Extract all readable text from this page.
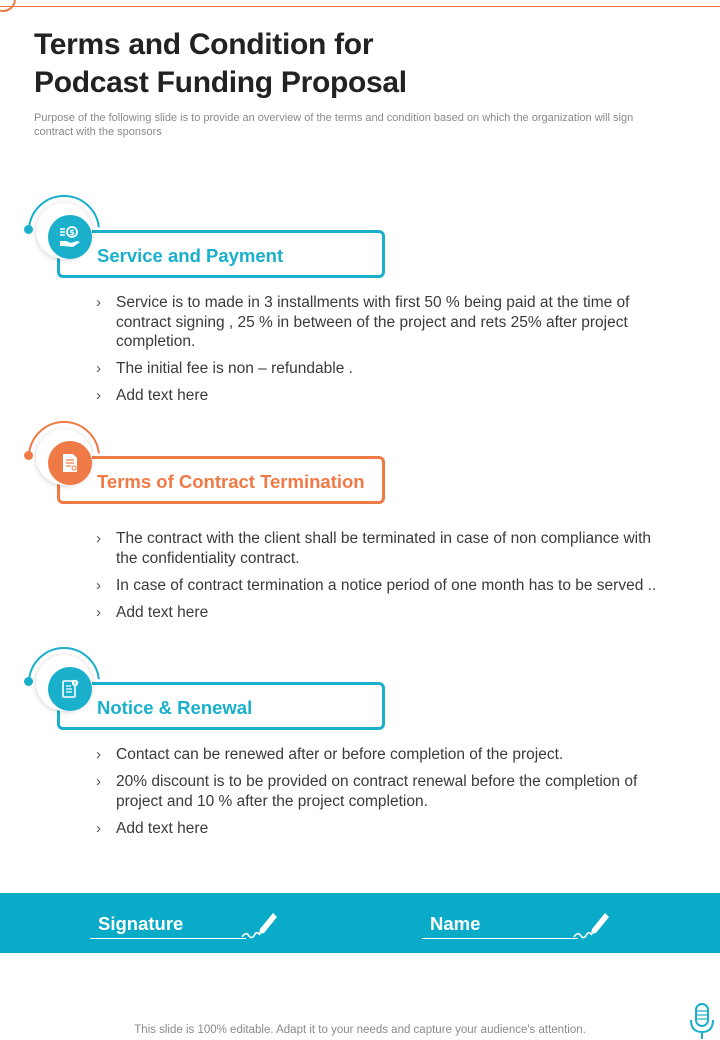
Terms and Condition for
Podcast Funding Proposal

Purpose of the following slide is to provide an overview of the terms and condition based on which the organization will sign contract with the sponsors

Service and Payment
$
› Service is to made in 3 installments with first 50 % being paid at the time of contract signing , 25 % in between of the project and rets 25% after project completion.
› The initial fee is non – refundable .
› Add text here
Terms of Contract Termination
› The contract with the client shall be terminated in case of non compliance with the confidentiality contract.
› In case of contract termination a notice period of one month has to be served ..
› Add text here
Notice & Renewal
› Contact can be renewed after or before completion of the project.
› 20% discount is to be provided on contract renewal before the completion of project and 10 % after the project completion.
› Add text here
Signature	Name

This slide is 100% editable. Adapt it to your needs and capture your audience's attention.
